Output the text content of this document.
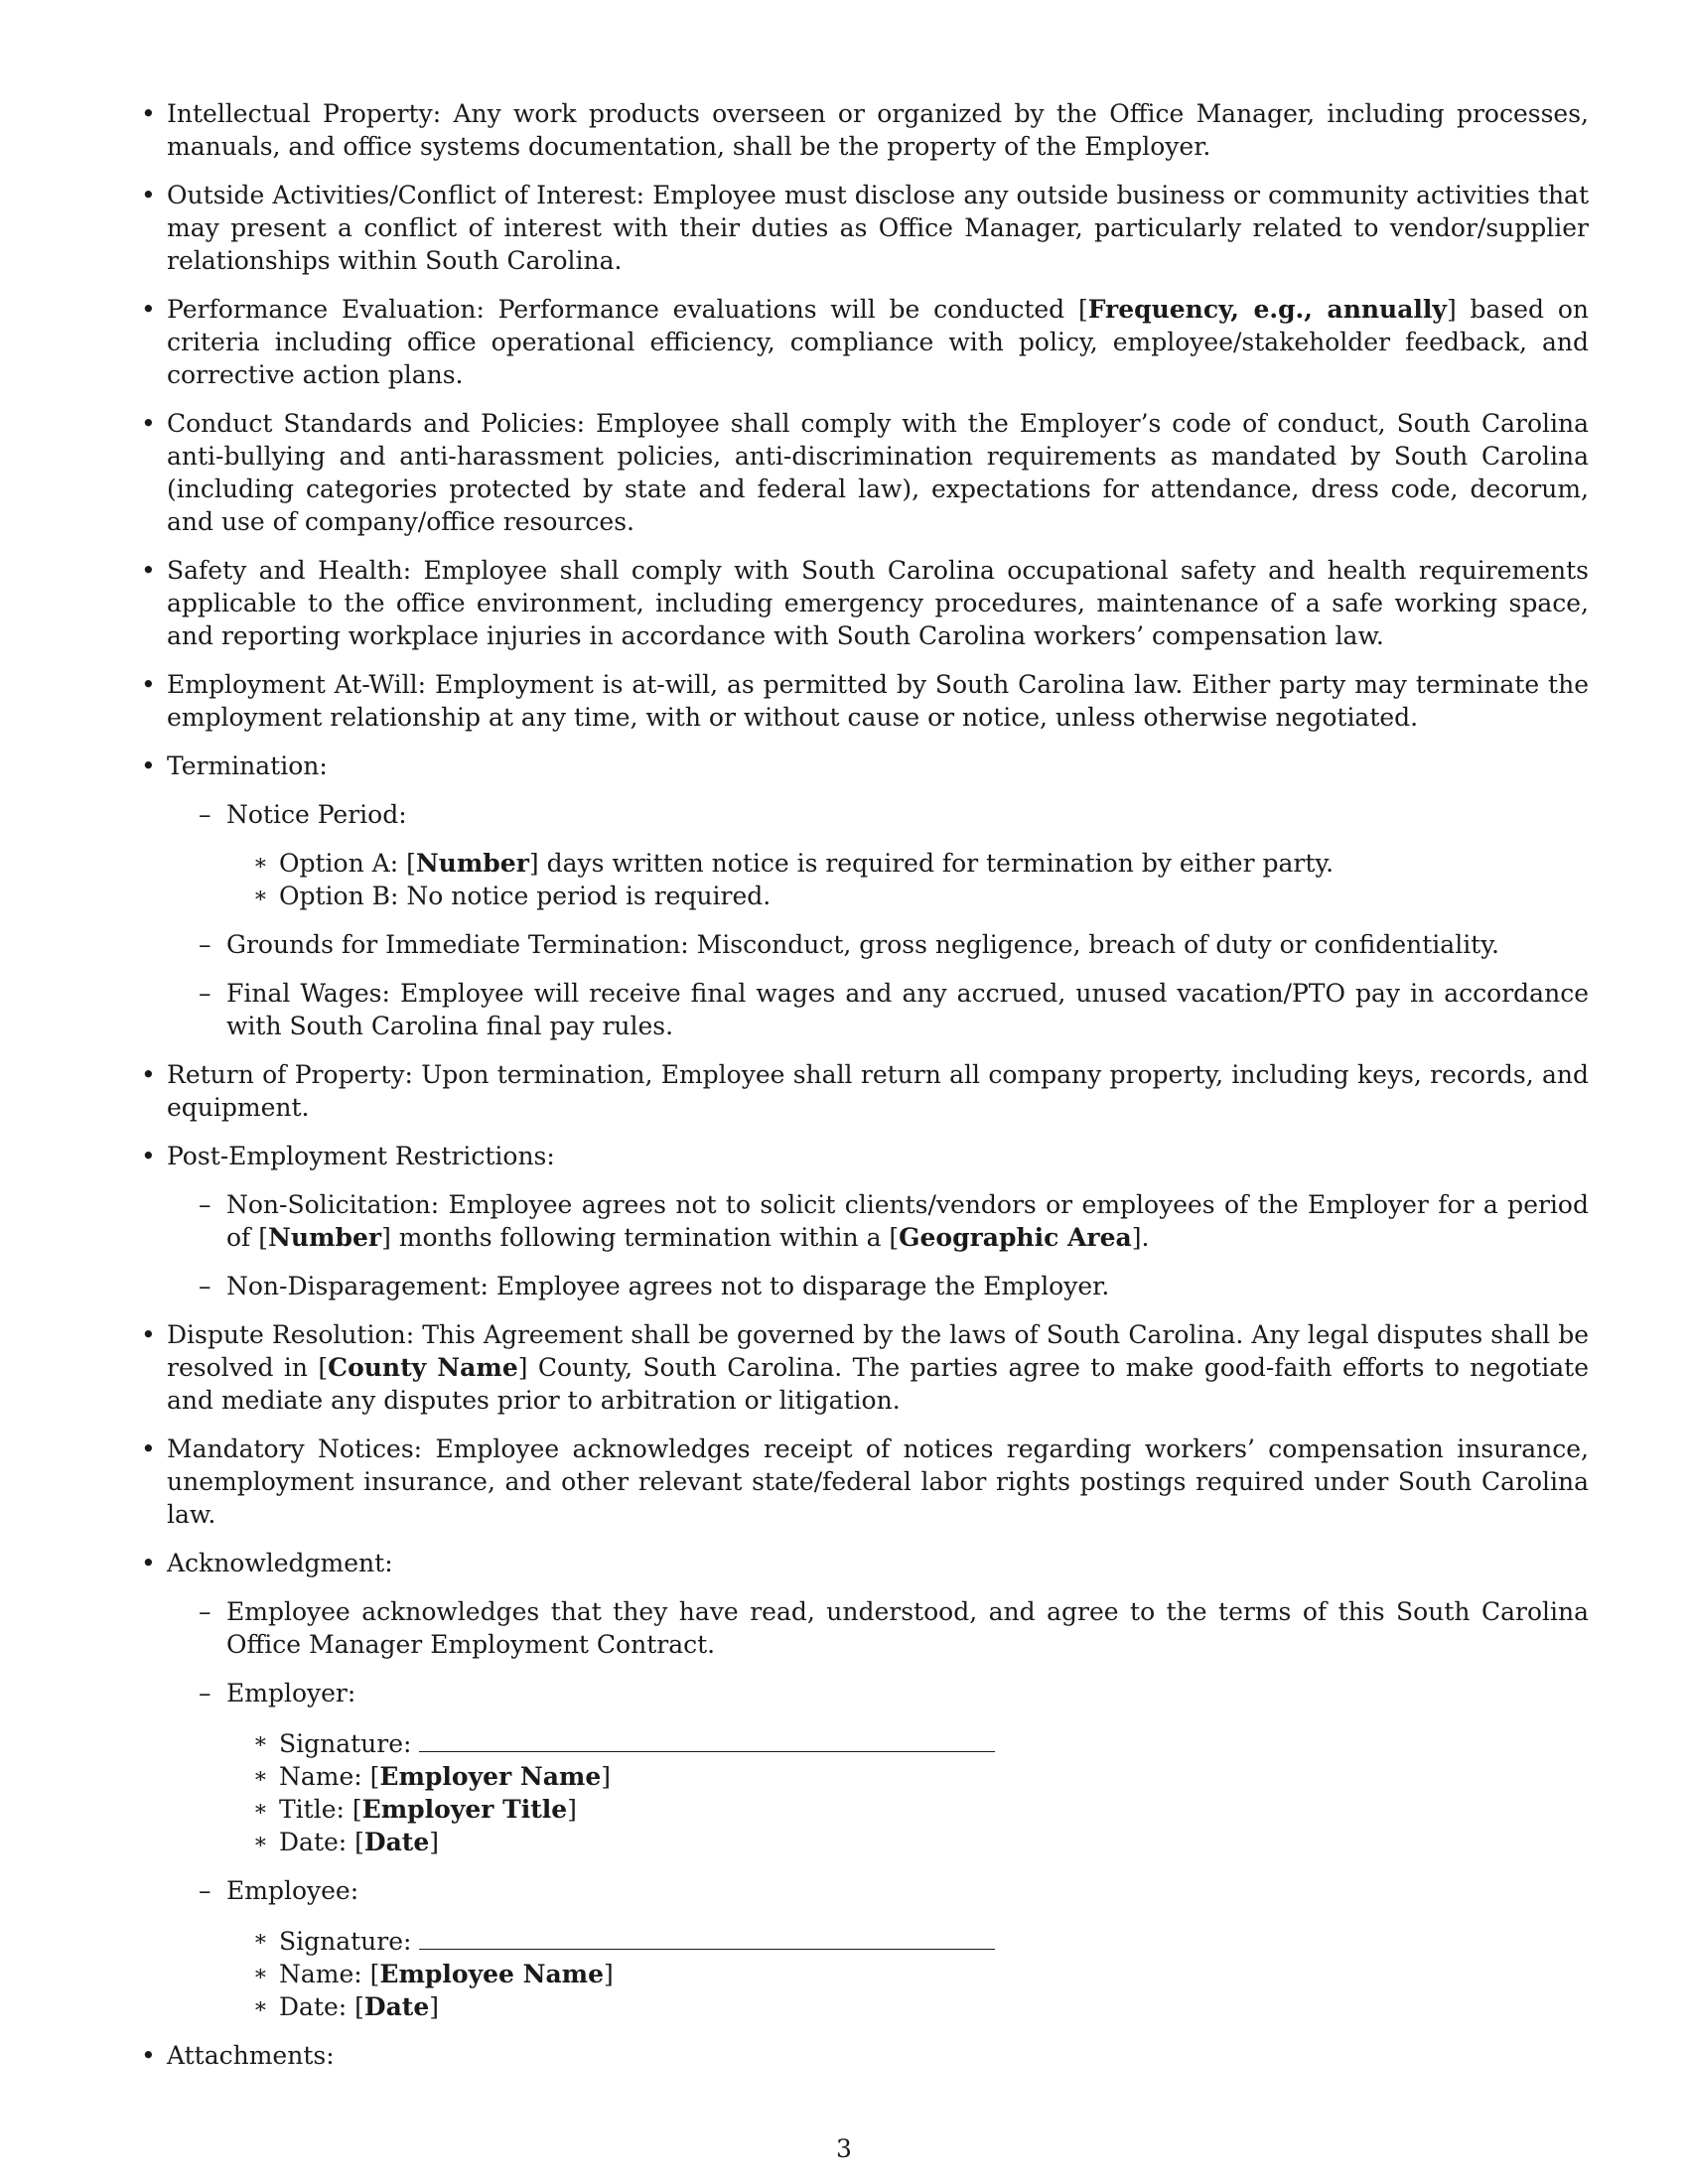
• Intellectual Property: Any work products overseen or organized by the Office Manager, including processes, manuals, and office systems documentation, shall be the property of the Employer.
• Outside Activities/Conflict of Interest: Employee must disclose any outside business or community activities that may present a conflict of interest with their duties as Office Manager, particularly related to vendor/supplier relationships within South Carolina.
• Performance Evaluation: Performance evaluations will be conducted [Frequency, e.g., annually] based on criteria including office operational efficiency, compliance with policy, employee/stakeholder feedback, and corrective action plans.
• Conduct Standards and Policies: Employee shall comply with the Employer’s code of conduct, South Carolina anti-bullying and anti-harassment policies, anti-discrimination requirements as mandated by South Carolina (including categories protected by state and federal law), expectations for attendance, dress code, decorum, and use of company/office resources.
• Safety and Health: Employee shall comply with South Carolina occupational safety and health requirements applicable to the office environment, including emergency procedures, maintenance of a safe working space, and reporting workplace injuries in accordance with South Carolina workers’ compensation law.
• Employment At-Will: Employment is at-will, as permitted by South Carolina law. Either party may terminate the employment relationship at any time, with or without cause or notice, unless otherwise negotiated.
• Termination:
– Notice Period:
∗ Option A: [Number] days written notice is required for termination by either party.
∗ Option B: No notice period is required.
– Grounds for Immediate Termination: Misconduct, gross negligence, breach of duty or confidentiality.
– Final Wages: Employee will receive final wages and any accrued, unused vacation/PTO pay in accordance with South Carolina final pay rules.
• Return of Property: Upon termination, Employee shall return all company property, including keys, records, and equipment.
• Post-Employment Restrictions:
– Non-Solicitation: Employee agrees not to solicit clients/vendors or employees of the Employer for a period of [Number] months following termination within a [Geographic Area].
– Non-Disparagement: Employee agrees not to disparage the Employer.
• Dispute Resolution: This Agreement shall be governed by the laws of South Carolina. Any legal disputes shall be resolved in [County Name] County, South Carolina. The parties agree to make good-faith efforts to negotiate and mediate any disputes prior to arbitration or litigation.
• Mandatory Notices: Employee acknowledges receipt of notices regarding workers’ compensation insurance, unemployment insurance, and other relevant state/federal labor rights postings required under South Carolina law.
• Acknowledgment:
– Employee acknowledges that they have read, understood, and agree to the terms of this South Carolina Office Manager Employment Contract.
– Employer:
∗ Signature:
∗ Name: [Employer Name]
∗ Title: [Employer Title]
∗ Date: [Date]
– Employee:
∗ Signature:
∗ Name: [Employee Name]
∗ Date: [Date]
• Attachments:
3
